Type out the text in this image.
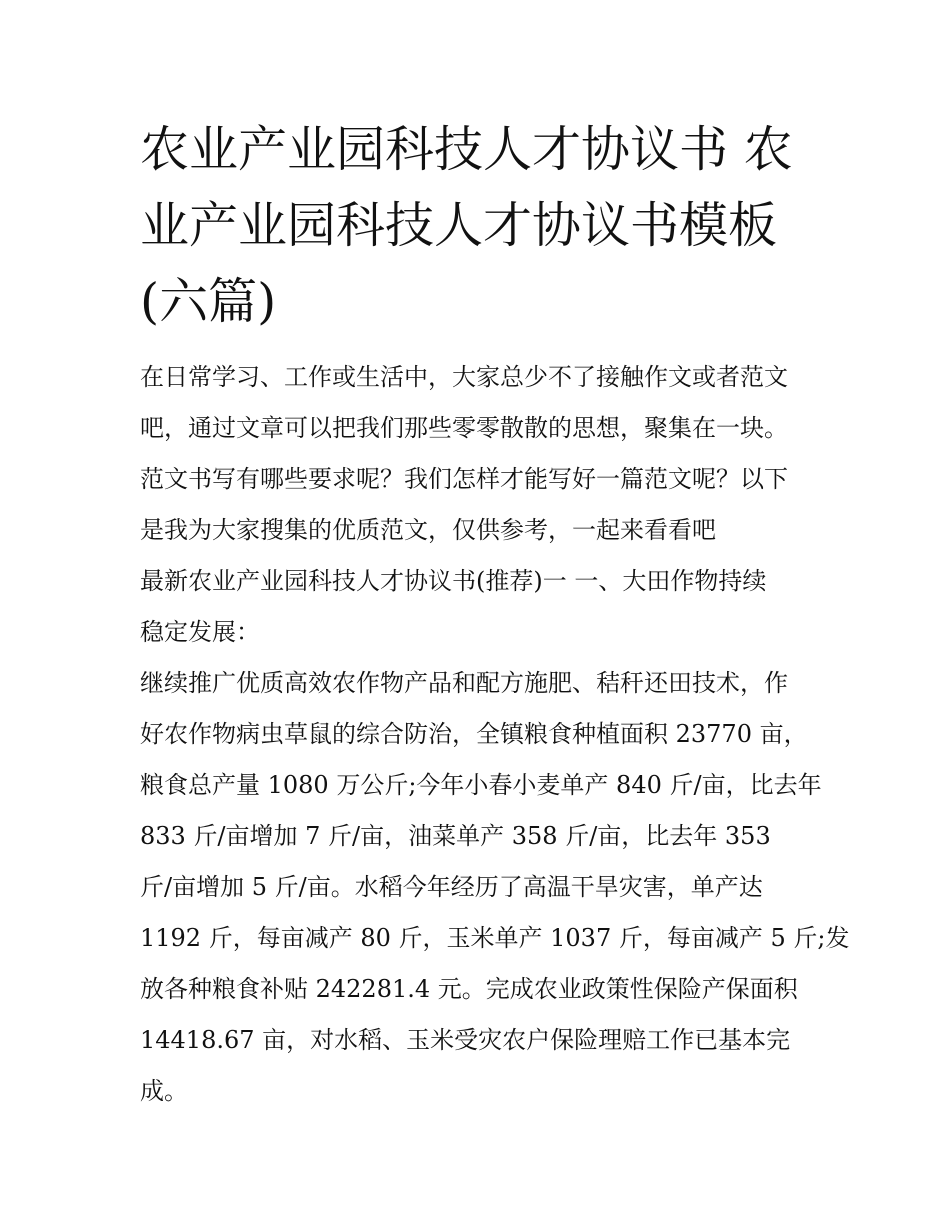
农业产业园科技人才协议书 农
业产业园科技人才协议书模板
(六篇)
在日常学习、工作或生活中，大家总少不了接触作文或者范文
吧，通过文章可以把我们那些零零散散的思想，聚集在一块。
范文书写有哪些要求呢？我们怎样才能写好一篇范文呢？以下
是我为大家搜集的优质范文，仅供参考，一起来看看吧
最新农业产业园科技人才协议书(推荐)一 一、大田作物持续
稳定发展：
继续推广优质高效农作物产品和配方施肥、秸秆还田技术，作
好农作物病虫草鼠的综合防治，全镇粮食种植面积 23770 亩，
粮食总产量 1080 万公斤;今年小春小麦单产 840 斤/亩，比去年
833 斤/亩增加 7 斤/亩，油菜单产 358 斤/亩，比去年 353
斤/亩增加 5 斤/亩。水稻今年经历了高温干旱灾害，单产达
1192 斤，每亩减产 80 斤，玉米单产 1037 斤，每亩减产 5 斤;发
放各种粮食补贴 242281.4 元。完成农业政策性保险产保面积
14418.67 亩，对水稻、玉米受灾农户保险理赔工作已基本完
成。
